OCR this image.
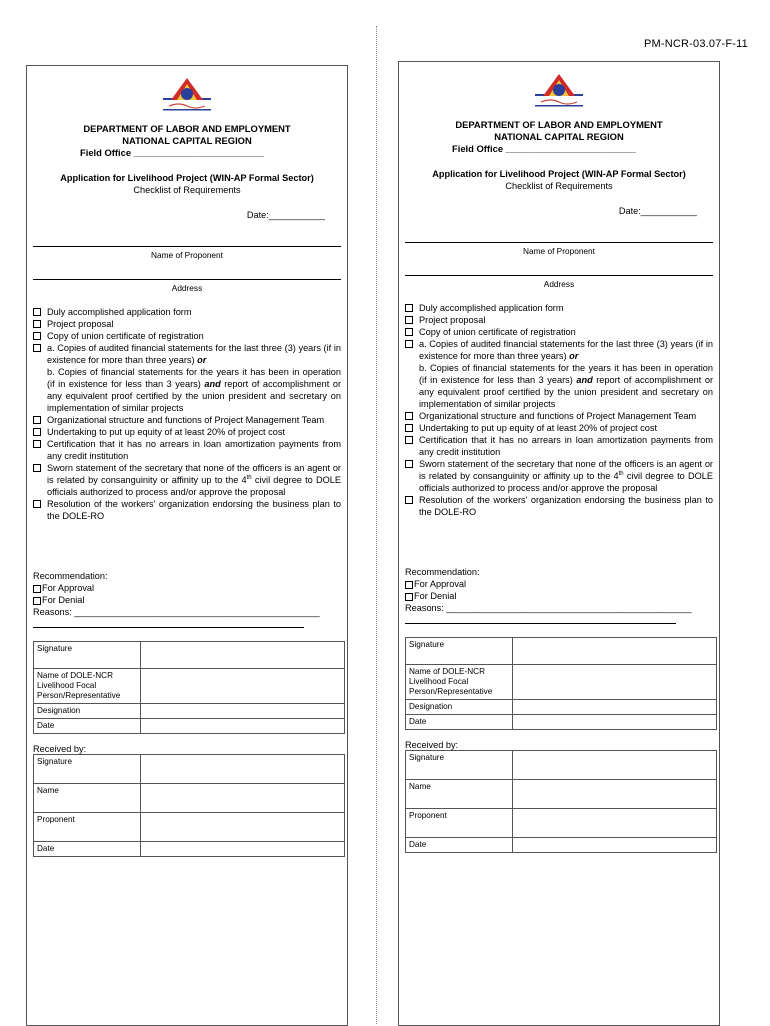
PM-NCR-03.07-F-11
DEPARTMENT OF LABOR AND EMPLOYMENT
NATIONAL CAPITAL REGION
Field Office _________________________
Application for Livelihood Project (WIN-AP Formal Sector)
Checklist of Requirements
Date:___________
Name of Proponent
Address
Duly accomplished application form
Project proposal
Copy of union certificate of registration
a. Copies of audited financial statements for the last three (3) years (if in existence for more than three years) or
b. Copies of financial statements for the years it has been in operation (if in existence for less than 3 years) and report of accomplishment or any equivalent proof certified by the union president and secretary on implementation of similar projects
Organizational structure and functions of Project Management Team
Undertaking to put up equity of at least 20% of project cost
Certification that it has no arrears in loan amortization payments from any credit institution
Sworn statement of the secretary that none of the officers is an agent or is related by consanguinity or affinity up to the 4th civil degree to DOLE officials authorized to process and/or approve the proposal
Resolution of the workers' organization endorsing the business plan to the DOLE-RO
Recommendation:
For Approval
For Denial
Reasons: ________________________________________________
Signature	
Name of DOLE-NCR Livelihood Focal Person/Representative	
Designation	
Date	
Received by:
Signature	
Name	
Proponent	
Date	
DEPARTMENT OF LABOR AND EMPLOYMENT
NATIONAL CAPITAL REGION
Field Office _________________________
Application for Livelihood Project (WIN-AP Formal Sector)
Checklist of Requirements
Date:___________
Name of Proponent
Address
Duly accomplished application form
Project proposal
Copy of union certificate of registration
a. Copies of audited financial statements for the last three (3) years (if in existence for more than three years) or
b. Copies of financial statements for the years it has been in operation (if in existence for less than 3 years) and report of accomplishment or any equivalent proof certified by the union president and secretary on implementation of similar projects
Organizational structure and functions of Project Management Team
Undertaking to put up equity of at least 20% of project cost
Certification that it has no arrears in loan amortization payments from any credit institution
Sworn statement of the secretary that none of the officers is an agent or is related by consanguinity or affinity up to the 4th civil degree to DOLE officials authorized to process and/or approve the proposal
Resolution of the workers' organization endorsing the business plan to the DOLE-RO
Recommendation:
For Approval
For Denial
Reasons: ________________________________________________
Signature	
Name of DOLE-NCR Livelihood Focal Person/Representative	
Designation	
Date	
Received by:
Signature	
Name	
Proponent	
Date	
